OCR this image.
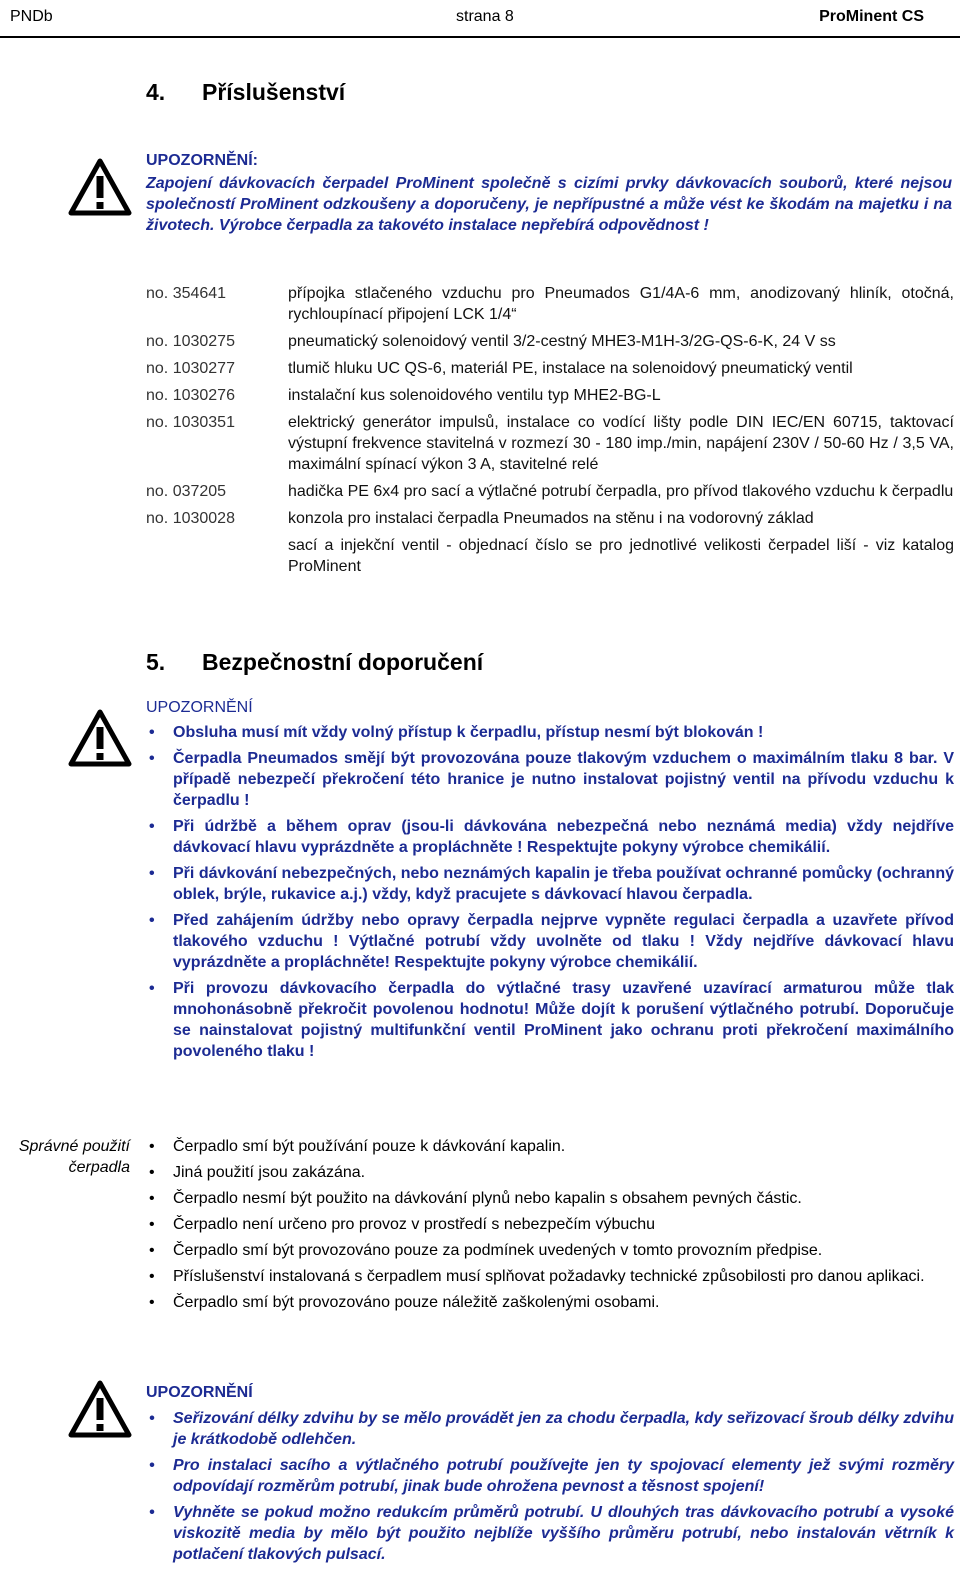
PNDb	strana 8	ProMinent CS
4. Příslušenství
UPOZORNĚNÍ:
Zapojení dávkovacích čerpadel ProMinent společně s cizími prvky dávkovacích souborů, které nejsou společností ProMinent odzkoušeny a doporučeny, je nepřípustné a může vést ke škodám na majetku i na životech. Výrobce čerpadla za takovéto instalace nepřebírá odpovědnost !
no. 354641	přípojka stlačeného vzduchu pro Pneumados G1/4A-6 mm, anodizovaný hliník, otočná, rychloupínací připojení LCK 1/4“
no. 1030275	pneumatický solenoidový ventil 3/2-cestný MHE3-M1H-3/2G-QS-6-K, 24 V ss
no. 1030277	tlumič hluku UC QS-6, materiál PE, instalace na solenoidový pneumatický ventil
no. 1030276	instalační kus solenoidového ventilu typ MHE2-BG-L
no. 1030351	elektrický generátor impulsů, instalace co vodící lišty podle DIN IEC/EN 60715, taktovací výstupní frekvence stavitelná v rozmezí 30 - 180 imp./min, napájení 230V / 50-60 Hz / 3,5 VA, maximální spínací výkon 3 A, stavitelné relé
no. 037205	hadička PE 6x4 pro sací a výtlačné potrubí čerpadla, pro přívod tlakového vzduchu k čerpadlu
no. 1030028	konzola pro instalaci čerpadla Pneumados na stěnu i na vodorovný základ
sací a injekční ventil - objednací číslo se pro jednotlivé velikosti čerpadel liší - viz katalog ProMinent
5. Bezpečnostní doporučení
UPOZORNĚNÍ
• Obsluha musí mít vždy volný přístup k čerpadlu, přístup nesmí být blokován !
• Čerpadla Pneumados smějí být provozována pouze tlakovým vzduchem o maximálním tlaku 8 bar. V případě nebezpečí překročení této hranice je nutno instalovat pojistný ventil na přívodu vzduchu k čerpadlu !
• Při údržbě a během oprav (jsou-li dávkována nebezpečná nebo neznámá media) vždy nejdříve dávkovací hlavu vyprázdněte a propláchněte ! Respektujte pokyny výrobce chemikálií.
• Při dávkování nebezpečných, nebo neznámých kapalin je třeba používat ochranné pomůcky (ochranný oblek, brýle, rukavice a.j.) vždy, když pracujete s dávkovací hlavou čerpadla.
• Před zahájením údržby nebo opravy čerpadla nejprve vypněte regulaci čerpadla a uzavřete přívod tlakového vzduchu ! Výtlačné potrubí vždy uvolněte od tlaku ! Vždy nejdříve dávkovací hlavu vyprázdněte a propláchněte! Respektujte pokyny výrobce chemikálií.
• Při provozu dávkovacího čerpadla do výtlačné trasy uzavřené uzavírací armaturou může tlak mnohonásobně překročit povolenou hodnotu! Může dojít k porušení výtlačného potrubí. Doporučuje se nainstalovat pojistný multifunkční ventil ProMinent jako ochranu proti překročení maximálního povoleného tlaku !
Správné použití čerpadla
• Čerpadlo smí být používání pouze k dávkování kapalin.
• Jiná použití jsou zakázána.
• Čerpadlo nesmí být použito na dávkování plynů nebo kapalin s obsahem pevných částic.
• Čerpadlo není určeno pro provoz v prostředí s nebezpečím výbuchu
• Čerpadlo smí být provozováno pouze za podmínek uvedených v tomto provozním předpise.
• Příslušenství instalovaná s čerpadlem musí splňovat požadavky technické způsobilosti pro danou aplikaci.
• Čerpadlo smí být provozováno pouze náležitě zaškolenými osobami.
UPOZORNĚNÍ
• Seřizování délky zdvihu by se mělo provádět jen za chodu čerpadla, kdy seřizovací šroub délky zdvihu je krátkodobě odlehčen.
• Pro instalaci sacího a výtlačného potrubí používejte jen ty spojovací elementy jež svými rozměry odpovídají rozměrům potrubí, jinak bude ohrožena pevnost a těsnost spojení!
• Vyhněte se pokud možno redukcím průměrů potrubí. U dlouhých tras dávkovacího potrubí a vysoké viskozitě media by mělo být použito nejblíže vyššího průměru potrubí, nebo instalován větrník k potlačení tlakových pulsací.
